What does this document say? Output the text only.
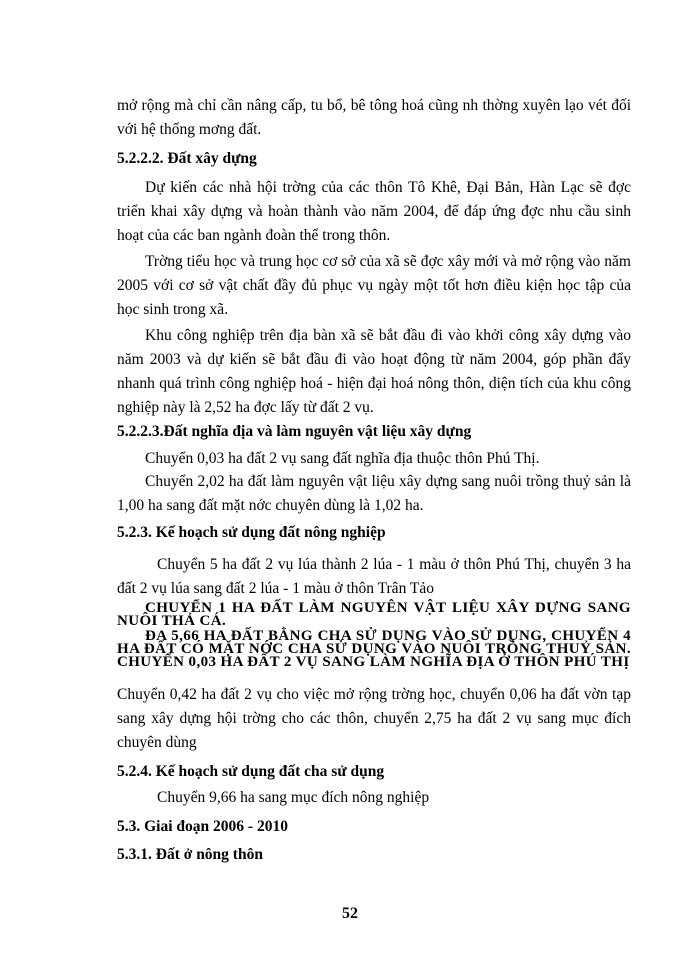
mở rộng mà chỉ cần nâng cấp, tu bổ, bê tông hoá cũng nh thờng xuyên lạo vét đối với hệ thống mơng đất.

5.2.2.2. Đất xây dựng

Dự kiến các nhà hội trờng của các thôn Tô Khê, Đại Bản, Hàn Lạc sẽ đợc triển khai xây dựng và hoàn thành vào năm 2004, để đáp ứng đợc nhu cầu sinh hoạt của các ban ngành đoàn thể trong thôn.

Trờng tiểu học và trung học cơ sở của xã sẽ đợc xây mới và mở rộng vào năm 2005 với cơ sở vật chất đầy đủ phục vụ ngày một tốt hơn điều kiện học tập của học sinh trong xã.

Khu công nghiệp trên địa bàn xã sẽ bắt đầu đi vào khởi công xây dựng vào năm 2003 và dự kiến sẽ bắt đầu đi vào hoạt động từ năm 2004, góp phần đẩy nhanh quá trình công nghiệp hoá - hiện đại hoá nông thôn, diện tích của khu công nghiệp này là 2,52 ha đợc lấy từ đất 2 vụ.

5.2.2.3.Đất nghĩa địa và làm nguyên vật liệu xây dựng

Chuyển 0,03 ha đất 2 vụ sang đất nghĩa địa thuộc thôn Phú Thị.

Chuyển 2,02 ha đất làm nguyên vật liệu xây dựng sang nuôi trồng thuỷ sản là 1,00 ha sang đất mặt nớc chuyên dùng là 1,02 ha.

5.2.3. Kế hoạch sử dụng đất nông nghiệp

Chuyển 5 ha đất 2 vụ lúa thành 2 lúa - 1 màu ở thôn Phú Thị, chuyển 3 ha đất 2 vụ lúa sang đất 2 lúa - 1 màu ở thôn Trân Tảo

CHUYỂN 1 HA ĐẤT LÀM NGUYÊN VẬT LIỆU XÂY DỰNG SANG NUÔI THẢ CÁ.

ĐA 5,66 HA ĐẤT BẰNG CHA SỬ DỤNG VÀO SỬ DỤNG, CHUYỂN 4 HA ĐẤT CÓ MẶT NỚC CHA SỬ DỤNG VÀO NUÔI TRỒNG THUỶ SẢN. CHUYỂN 0,03 HA ĐẤT 2 VỤ SANG LÀM NGHĨA ĐỊA Ở THÔN PHÚ THỊ

Chuyển 0,42 ha đất 2 vụ cho việc mở rộng trờng học, chuyển 0,06 ha đất vờn tạp sang xây dựng hội trờng cho các thôn, chuyển 2,75 ha đất 2 vụ sang mục đích chuyên dùng

5.2.4. Kế hoạch sử dụng đất cha sử dụng

Chuyển 9,66 ha sang mục đích nông nghiệp

5.3. Giai đoạn 2006 - 2010

5.3.1. Đất ở nông thôn

52
